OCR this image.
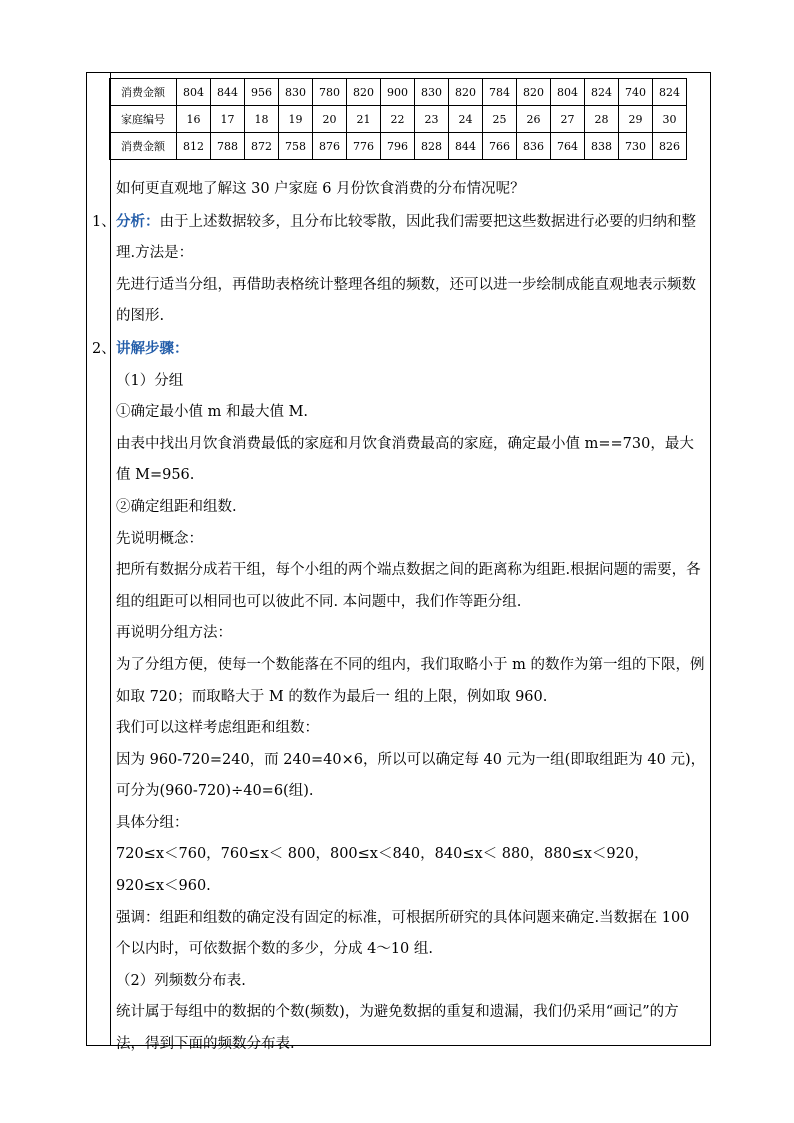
消费金额	804	844	956	830	780	820	900	830	820	784	820	804	824	740	824
家庭编号	16	17	18	19	20	21	22	23	24	25	26	27	28	29	30
消费金额	812	788	872	758	876	776	796	828	844	766	836	764	838	730	826

如何更直观地了解这 30 户家庭 6 月份饮食消费的分布情况呢？

1、分析：由于上述数据较多，且分布比较零散，因此我们需要把这些数据进行必要的归纳和整理.方法是：

先进行适当分组，再借助表格统计整理各组的频数，还可以进一步绘制成能直观地表示频数的图形.

2、讲解步骤：

（1）分组

①确定最小值 m 和最大值 M.

由表中找出月饮食消费最低的家庭和月饮食消费最高的家庭，确定最小值 m==730，最大值 M=956.

②确定组距和组数.

先说明概念：

把所有数据分成若干组，每个小组的两个端点数据之间的距离称为组距.根据问题的需要，各组的组距可以相同也可以彼此不同. 本问题中，我们作等距分组.

再说明分组方法：

为了分组方便，使每一个数能落在不同的组内，我们取略小于 m 的数作为第一组的下限，例如取 720；而取略大于 M 的数作为最后一 组的上限，例如取 960.

我们可以这样考虑组距和组数：

因为 960-720=240，而 240=40×6，所以可以确定每 40 元为一组(即取组距为 40 元)，可分为(960-720)÷40=6(组).

具体分组：

720≤x＜760，760≤x＜ 800，800≤x＜840，840≤x＜ 880，880≤x＜920，

920≤x＜960.

强调：组距和组数的确定没有固定的标准，可根据所研究的具体问题来确定.当数据在 100 个以内时，可依数据个数的多少，分成 4～10 组.

（2）列频数分布表.

统计属于每组中的数据的个数(频数)，为避免数据的重复和遗漏，我们仍采用“画记”的方法，得到下面的频数分布表.
